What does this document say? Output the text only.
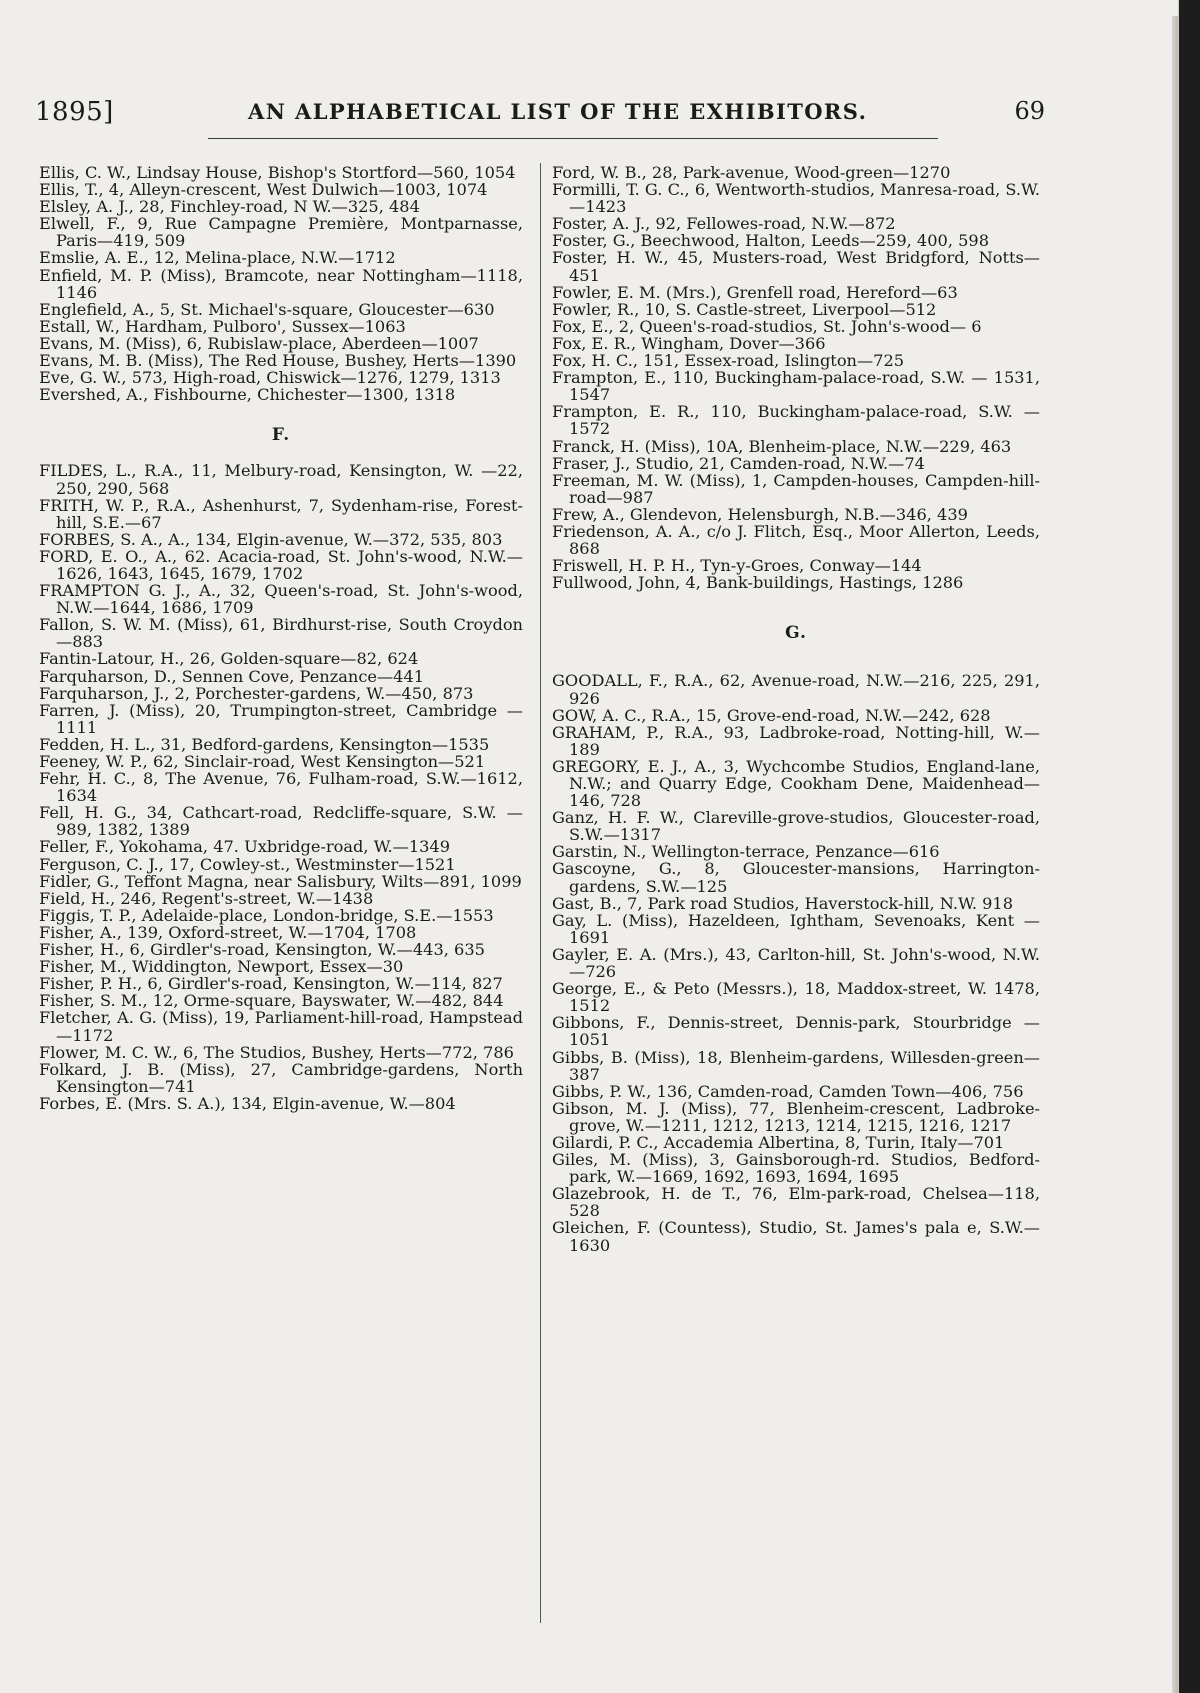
1895]	AN ALPHABETICAL LIST OF THE EXHIBITORS.	69

Ellis, C. W., Lindsay House, Bishop's Stortford—560, 1054

Ellis, T., 4, Alleyn-crescent, West Dulwich—1003, 1074

Elsley, A. J., 28, Finchley-road, N W.—325, 484

Elwell, F., 9, Rue Campagne Première, Montparnasse, Paris—419, 509

Emslie, A. E., 12, Melina-place, N.W.—1712

Enfield, M. P. (Miss), Bramcote, near Nottingham—1118, 1146

Englefield, A., 5, St. Michael's-square, Gloucester—630

Estall, W., Hardham, Pulboro', Sussex—1063

Evans, M. (Miss), 6, Rubislaw-place, Aberdeen—1007

Evans, M. B. (Miss), The Red House, Bushey, Herts—1390

Eve, G. W., 573, High-road, Chiswick—1276, 1279, 1313

Evershed, A., Fishbourne, Chichester—1300, 1318

F.

FILDES, L., R.A., 11, Melbury-road, Kensington, W. —22, 250, 290, 568

FRITH, W. P., R.A., Ashenhurst, 7, Sydenham-rise, Forest-hill, S.E.—67

FORBES, S. A., A., 134, Elgin-avenue, W.—372, 535, 803

FORD, E. O., A., 62. Acacia-road, St. John's-wood, N.W.—1626, 1643, 1645, 1679, 1702

FRAMPTON G. J., A., 32, Queen's-road, St. John's-wood, N.W.—1644, 1686, 1709

Fallon, S. W. M. (Miss), 61, Birdhurst-rise, South Croydon—883

Fantin-Latour, H., 26, Golden-square—82, 624

Farquharson, D., Sennen Cove, Penzance—441

Farquharson, J., 2, Porchester-gardens, W.—450, 873

Farren, J. (Miss), 20, Trumpington-street, Cambridge —1111

Fedden, H. L., 31, Bedford-gardens, Kensington—1535

Feeney, W. P., 62, Sinclair-road, West Kensington—521

Fehr, H. C., 8, The Avenue, 76, Fulham-road, S.W.—1612, 1634

Fell, H. G., 34, Cathcart-road, Redcliffe-square, S.W. —989, 1382, 1389

Feller, F., Yokohama, 47. Uxbridge-road, W.—1349

Ferguson, C. J., 17, Cowley-st., Westminster—1521

Fidler, G., Teffont Magna, near Salisbury, Wilts—891, 1099

Field, H., 246, Regent's-street, W.—1438

Figgis, T. P., Adelaide-place, London-bridge, S.E.—1553

Fisher, A., 139, Oxford-street, W.—1704, 1708

Fisher, H., 6, Girdler's-road, Kensington, W.—443, 635

Fisher, M., Widdington, Newport, Essex—30

Fisher, P. H., 6, Girdler's-road, Kensington, W.—114, 827

Fisher, S. M., 12, Orme-square, Bayswater, W.—482, 844

Fletcher, A. G. (Miss), 19, Parliament-hill-road, Hampstead—1172

Flower, M. C. W., 6, The Studios, Bushey, Herts—772, 786

Folkard, J. B. (Miss), 27, Cambridge-gardens, North Kensington—741

Forbes, E. (Mrs. S. A.), 134, Elgin-avenue, W.—804

Ford, W. B., 28, Park-avenue, Wood-green—1270

Formilli, T. G. C., 6, Wentworth-studios, Manresa-road, S.W.—1423

Foster, A. J., 92, Fellowes-road, N.W.—872

Foster, G., Beechwood, Halton, Leeds—259, 400, 598

Foster, H. W., 45, Musters-road, West Bridgford, Notts—451

Fowler, E. M. (Mrs.), Grenfell road, Hereford—63

Fowler, R., 10, S. Castle-street, Liverpool—512

Fox, E., 2, Queen's-road-studios, St. John's-wood— 6

Fox, E. R., Wingham, Dover—366

Fox, H. C., 151, Essex-road, Islington—725

Frampton, E., 110, Buckingham-palace-road, S.W. — 1531, 1547

Frampton, E. R., 110, Buckingham-palace-road, S.W. —1572

Franck, H. (Miss), 10A, Blenheim-place, N.W.—229, 463

Fraser, J., Studio, 21, Camden-road, N.W.—74

Freeman, M. W. (Miss), 1, Campden-houses, Campden-hill-road—987

Frew, A., Glendevon, Helensburgh, N.B.—346, 439

Friedenson, A. A., c/o J. Flitch, Esq., Moor Allerton, Leeds, 868

Friswell, H. P. H., Tyn-y-Groes, Conway—144

Fullwood, John, 4, Bank-buildings, Hastings, 1286

G.

GOODALL, F., R.A., 62, Avenue-road, N.W.—216, 225, 291, 926

GOW, A. C., R.A., 15, Grove-end-road, N.W.—242, 628

GRAHAM, P., R.A., 93, Ladbroke-road, Notting-hill, W.—189

GREGORY, E. J., A., 3, Wychcombe Studios, England-lane, N.W.; and Quarry Edge, Cookham Dene, Maidenhead—146, 728

Ganz, H. F. W., Clareville-grove-studios, Gloucester-road, S.W.—1317

Garstin, N., Wellington-terrace, Penzance—616

Gascoyne, G., 8, Gloucester-mansions, Harrington-gardens, S.W.—125

Gast, B., 7, Park road Studios, Haverstock-hill, N.W. 918

Gay, L. (Miss), Hazeldeen, Ightham, Sevenoaks, Kent —1691

Gayler, E. A. (Mrs.), 43, Carlton-hill, St. John's-wood, N.W.—726

George, E., & Peto (Messrs.), 18, Maddox-street, W. 1478, 1512

Gibbons, F., Dennis-street, Dennis-park, Stourbridge —1051

Gibbs, B. (Miss), 18, Blenheim-gardens, Willesden-green—387

Gibbs, P. W., 136, Camden-road, Camden Town—406, 756

Gibson, M. J. (Miss), 77, Blenheim-crescent, Ladbroke-grove, W.—1211, 1212, 1213, 1214, 1215, 1216, 1217

Gilardi, P. C., Accademia Albertina, 8, Turin, Italy—701

Giles, M. (Miss), 3, Gainsborough-rd. Studios, Bedford-park, W.—1669, 1692, 1693, 1694, 1695

Glazebrook, H. de T., 76, Elm-park-road, Chelsea—118, 528

Gleichen, F. (Countess), Studio, St. James's pala e, S.W.—1630
